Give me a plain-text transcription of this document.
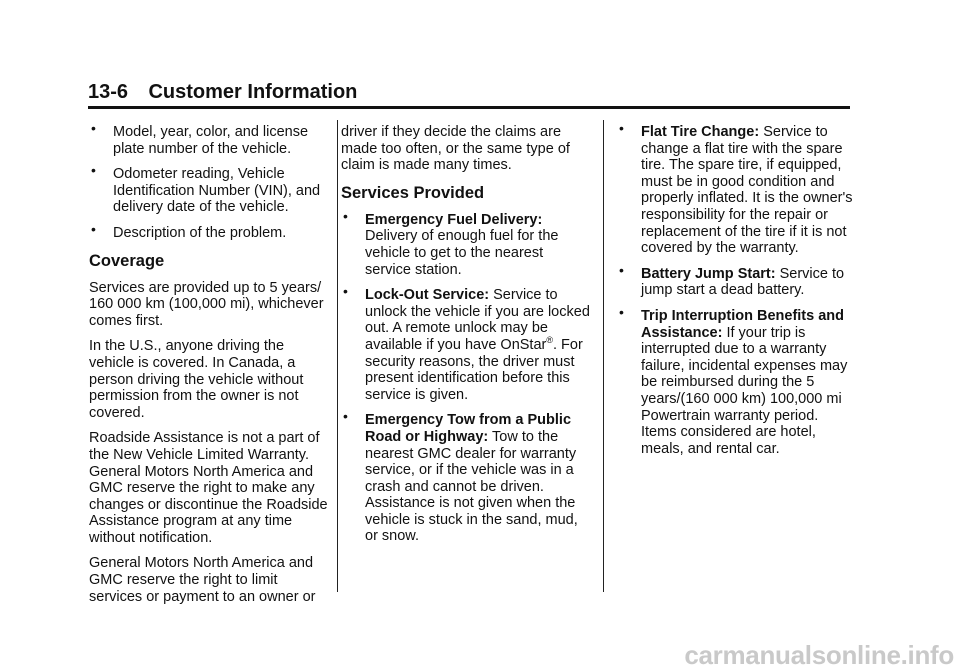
13-6 Customer Information
• Model, year, color, and license plate number of the vehicle.
• Odometer reading, Vehicle Identification Number (VIN), and delivery date of the vehicle.
• Description of the problem.
Coverage

Services are provided up to 5 years/ 160 000 km (100,000 mi), whichever comes first.

In the U.S., anyone driving the vehicle is covered. In Canada, a person driving the vehicle without permission from the owner is not covered.

Roadside Assistance is not a part of the New Vehicle Limited Warranty. General Motors North America and GMC reserve the right to make any changes or discontinue the Roadside Assistance program at any time without notification.

General Motors North America and GMC reserve the right to limit services or payment to an owner or

driver if they decide the claims are made too often, or the same type of claim is made many times.

Services Provided
• Emergency Fuel Delivery: Delivery of enough fuel for the vehicle to get to the nearest service station.
• Lock-Out Service: Service to unlock the vehicle if you are locked out. A remote unlock may be available if you have OnStar®. For security reasons, the driver must present identification before this service is given.
• Emergency Tow from a Public Road or Highway: Tow to the nearest GMC dealer for warranty service, or if the vehicle was in a crash and cannot be driven. Assistance is not given when the vehicle is stuck in the sand, mud, or snow.
• Flat Tire Change: Service to change a flat tire with the spare tire. The spare tire, if equipped, must be in good condition and properly inflated. It is the owner's responsibility for the repair or replacement of the tire if it is not covered by the warranty.
• Battery Jump Start: Service to jump start a dead battery.
• Trip Interruption Benefits and Assistance: If your trip is interrupted due to a warranty failure, incidental expenses may be reimbursed during the 5 years/(160 000 km) 100,000 mi Powertrain warranty period. Items considered are hotel, meals, and rental car.
carmanualsonline.info
